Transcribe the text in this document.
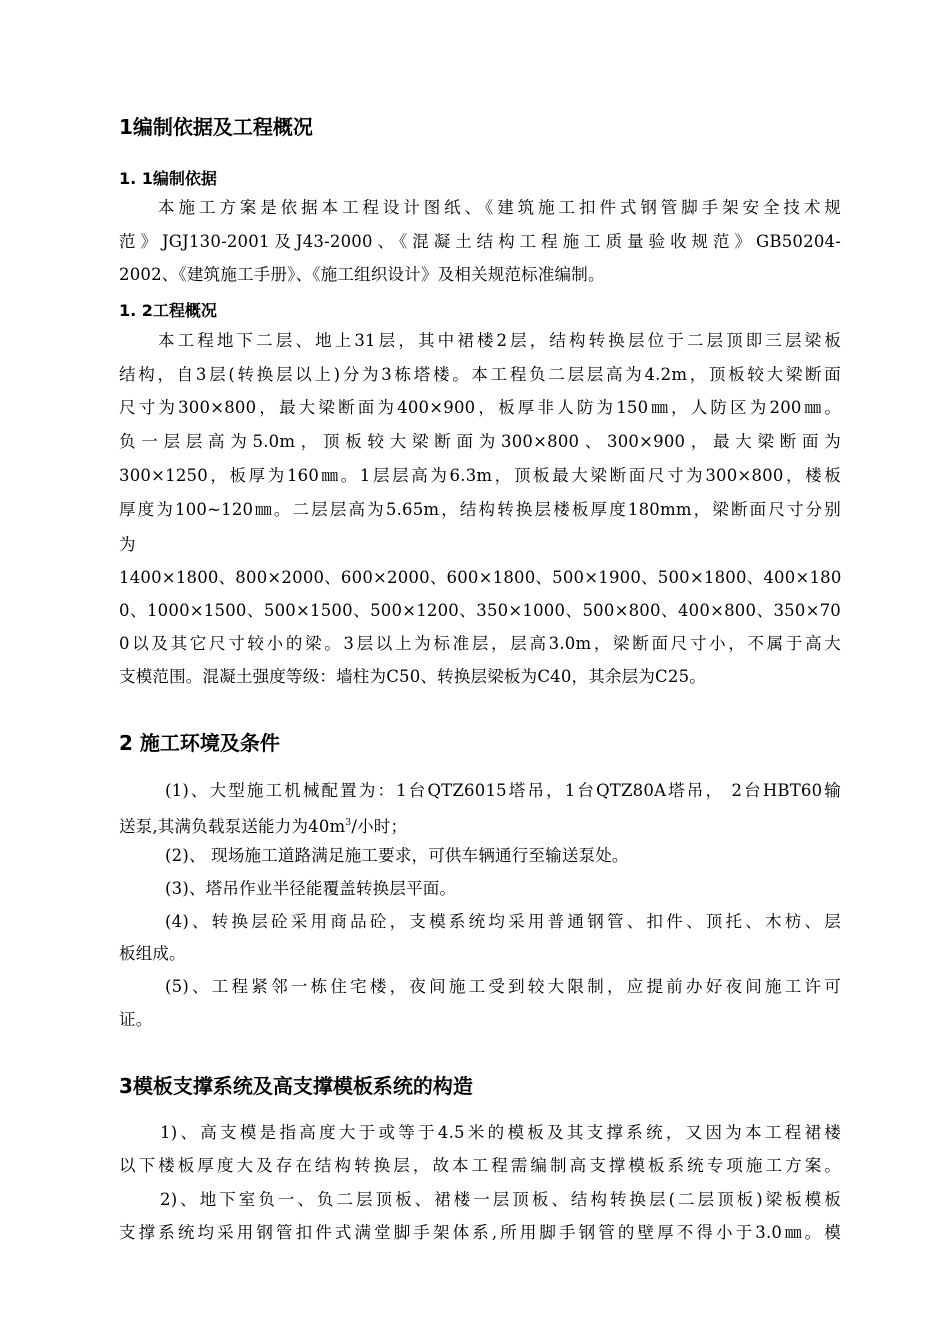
1编制依据及工程概况
1. 1编制依据
本施工方案是依据本工程设计图纸、《建筑施工扣件式钢管脚手架安全技术规
范》JGJ130-2001及J43-2000、《混凝土结构工程施工质量验收规范》GB50204-
2002、《建筑施工手册》、《施工组织设计》及相关规范标准编制。
1. 2工程概况
本工程地下二层、地上31层，其中裙楼2层，结构转换层位于二层顶即三层梁板
结构，自3层(转换层以上)分为3栋塔楼。本工程负二层层高为4.2m，顶板较大梁断面
尺寸为300×800，最大梁断面为400×900，板厚非人防为150㎜，人防区为200㎜。
负一层层高为5.0m，顶板较大梁断面为300×800、300×900，最大梁断面为
300×1250，板厚为160㎜。1层层高为6.3m，顶板最大梁断面尺寸为300×800，楼板
厚度为100~120㎜。二层层高为5.65m，结构转换层楼板厚度180mm，梁断面尺寸分别
为
1400×1800、800×2000、600×2000、600×1800、500×1900、500×1800、400×180
0、1000×1500、500×1500、500×1200、350×1000、500×800、400×800、350×70
0以及其它尺寸较小的梁。3层以上为标准层，层高3.0m，梁断面尺寸小，不属于高大
支模范围。混凝土强度等级：墙柱为C50、转换层梁板为C40，其余层为C25。
2 施工环境及条件
(1)、大型施工机械配置为：1台QTZ6015塔吊，1台QTZ80A塔吊， 2台HBT60输
送泵,其满负载泵送能力为$40m^3/$小时；
(2)、 现场施工道路满足施工要求，可供车辆通行至输送泵处。
(3)、塔吊作业半径能覆盖转换层平面。
(4)、转换层砼采用商品砼，支模系统均采用普通钢管、扣件、顶托、木枋、层
板组成。
(5)、工程紧邻一栋住宅楼，夜间施工受到较大限制，应提前办好夜间施工许可
证。
3模板支撑系统及高支撑模板系统的构造
1)、高支模是指高度大于或等于4.5米的模板及其支撑系统，又因为本工程裙楼
以下楼板厚度大及存在结构转换层，故本工程需编制高支撑模板系统专项施工方案。
2)、地下室负一、负二层顶板、裙楼一层顶板、结构转换层(二层顶板)梁板模板
支撑系统均采用钢管扣件式满堂脚手架体系,所用脚手钢管的壁厚不得小于3.0㎜。模
